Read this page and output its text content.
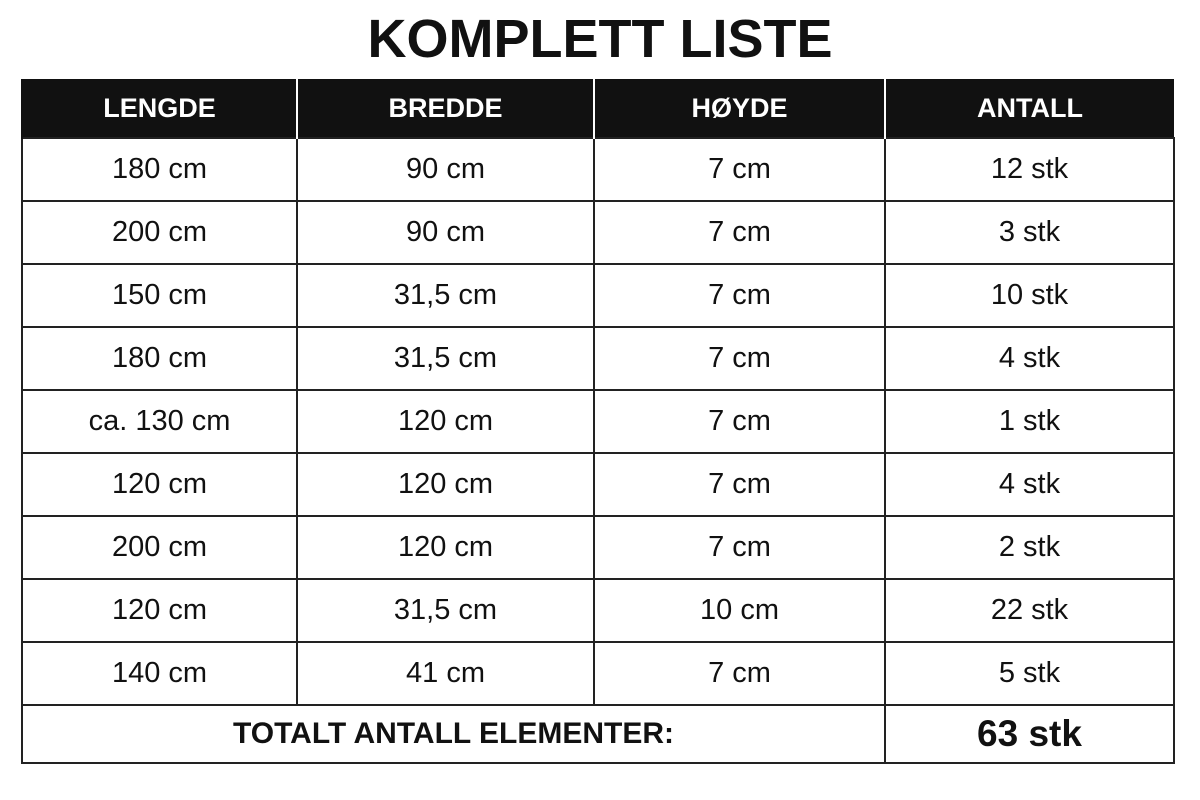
KOMPLETT LISTE
LENGDE	BREDDE	HØYDE	ANTALL
180 cm	90 cm	7 cm	12 stk
200 cm	90 cm	7 cm	3 stk
150 cm	31,5 cm	7 cm	10 stk
180 cm	31,5 cm	7 cm	4 stk
ca. 130 cm	120 cm	7 cm	1 stk
120 cm	120 cm	7 cm	4 stk
200 cm	120 cm	7 cm	2 stk
120 cm	31,5 cm	10 cm	22 stk
140 cm	41 cm	7 cm	5 stk
TOTALT ANTALL ELEMENTER:			63 stk
